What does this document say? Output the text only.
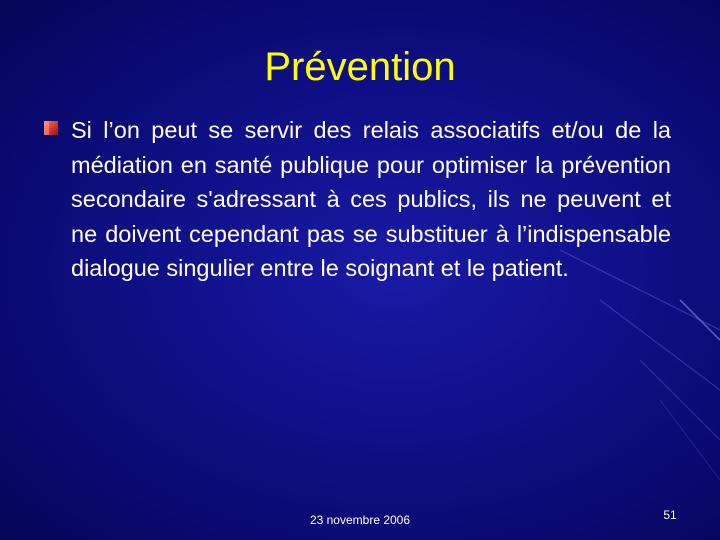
Prévention

Si l’on peut se servir des relais associatifs et/ou de la médiation en santé publique pour optimiser la prévention secondaire s'adressant à ces publics, ils ne peuvent et ne doivent cependant pas se substituer à l’indispensable dialogue singulier entre le soignant et le patient.

23 novembre 2006	51
